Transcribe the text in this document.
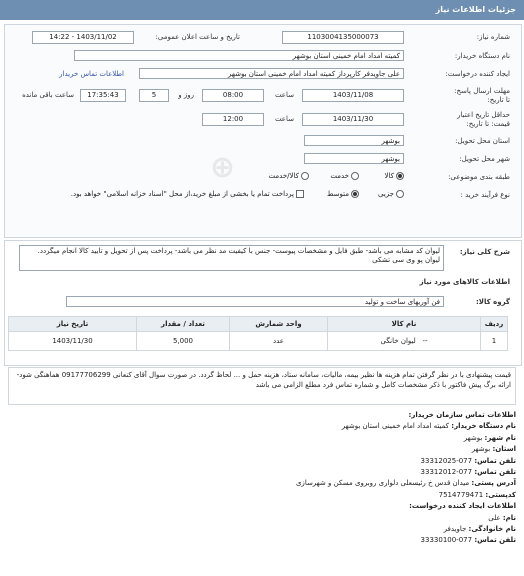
جزئیات اطلاعات نیاز
⊕
شماره نیاز:
1103004135000073
تاریخ و ساعت اعلان عمومی:
1403/11/02 - 14:22
نام دستگاه خریدار:
کمیته امداد امام خمینی استان بوشهر
ایجاد کننده درخواست:
علی جاویدفر کارپرداز کمیته امداد امام خمینی استان بوشهر
اطلاعات تماس خریدار
مهلت ارسال پاسخ:
تا تاریخ:
1403/11/08
ساعت
08:00
روز و
5
17:35:43
ساعت باقی مانده
حداقل تاریخ اعتبار
قیمت: تا تاریخ:
1403/11/30
ساعت
12:00
استان محل تحویل:
بوشهر
شهر محل تحویل:
بوشهر
طبقه بندی موضوعی:
کالا
خدمت
کالا/خدمت
نوع فرآیند خرید :
جزیی
متوسط
پرداخت تمام یا بخشی از مبلغ خرید،از محل "اسناد خزانه اسلامی" خواهد بود.
شرح کلی نیاز:
لیوان کد مشابه می باشد- طبق فایل و مشخصات پیوست- جنس با کیفیت مد نظر می باشد- پرداخت پس از تحویل و تایید کالا انجام میگردد. لیوان پو وی سی تشکی
اطلاعات کالاهای مورد نیاز
گروه کالا:
فن آوریهای ساخت و تولید
ردیف	نام کالا	واحد شمارش	تعداد / مقدار	تاریخ نیاز
1	--   لیوان خانگی	عدد	5,000	1403/11/30
قیمت پیشنهادی با در نظر گرفتن تمام هزینه ها نظیر بیمه، مالیات، سامانه ستاد، هزینه حمل و ... لحاظ گردد. در صورت سوال آقای کنعانی 09177706299 هماهنگی شود- ارائه برگ پیش فاکتور با ذکر مشخصات کامل و شماره تماس فرد مطلع الزامی می باشد
اطلاعات تماس سازمان خریدار:
نام دستگاه خریدار: کمیته امداد امام خمینی استان بوشهر
نام شهر: بوشهر
استان: بوشهر
تلفن تماس: 077-33312025
تلفن تماس: 077-33312012
آدرس پستی: میدان قدس خ رئیسعلی دلواری روبروی مسکن و شهرسازی
کدپستی: 7514779471
اطلاعات ایجاد کننده درخواست:
نام: علی
نام خانوادگی: جاویدفر
تلفن تماس: 077-33330100
